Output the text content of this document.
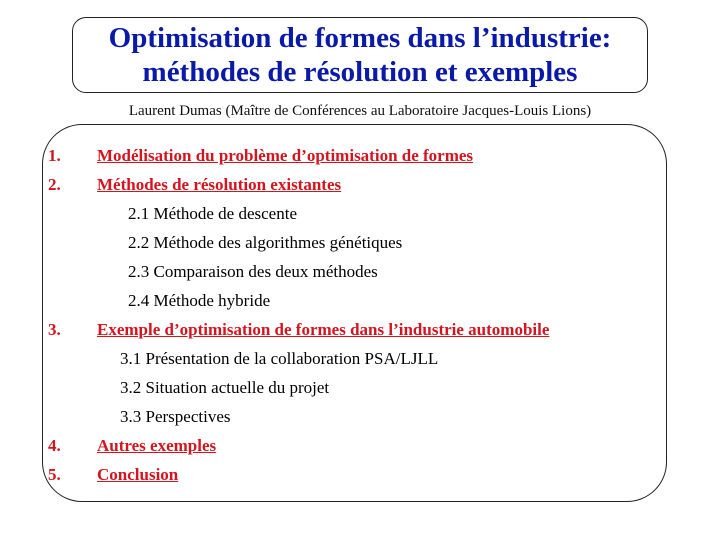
Optimisation de formes dans l’industrie:
méthodes de résolution et exemples
Laurent Dumas (Maître de Conférences au Laboratoire Jacques-Louis Lions)
1. Modélisation du problème d’optimisation de formes
2. Méthodes de résolution existantes
2.1 Méthode de descente
2.2 Méthode des algorithmes génétiques
2.3 Comparaison des deux méthodes
2.4 Méthode hybride
3. Exemple d’optimisation de formes dans l’industrie automobile
3.1 Présentation de la collaboration PSA/LJLL
3.2 Situation actuelle du projet
3.3 Perspectives
4. Autres exemples
5. Conclusion
